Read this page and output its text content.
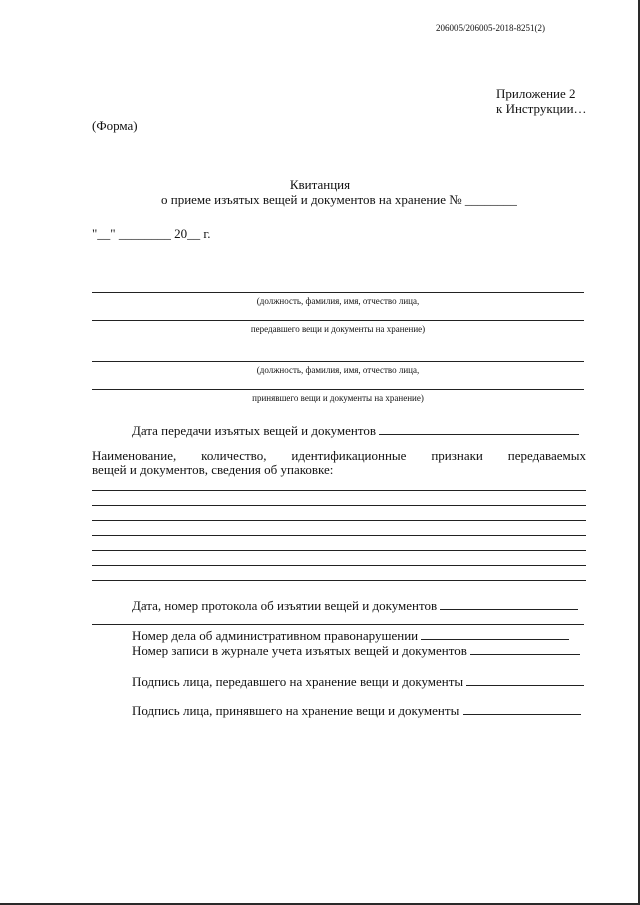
206005/206005-2018-8251(2)
Приложение 2
к Инструкции…
(Форма)
Квитанция
о приеме изъятых вещей и документов на хранение № ________
"__" ________ 20__ г.
(должность, фамилия, имя, отчество лица,
передавшего вещи и документы на хранение)
(должность, фамилия, имя, отчество лица,
принявшего вещи и документы на хранение)
Дата передачи изъятых вещей и документов
Наименование, количество, идентификационные признаки передаваемых
вещей и документов, сведения об упаковке:
Дата, номер протокола об изъятии вещей и документов
Номер дела об административном правонарушении
Номер записи в журнале учета изъятых вещей и документов
Подпись лица, передавшего на хранение вещи и документы
Подпись лица, принявшего на хранение вещи и документы
